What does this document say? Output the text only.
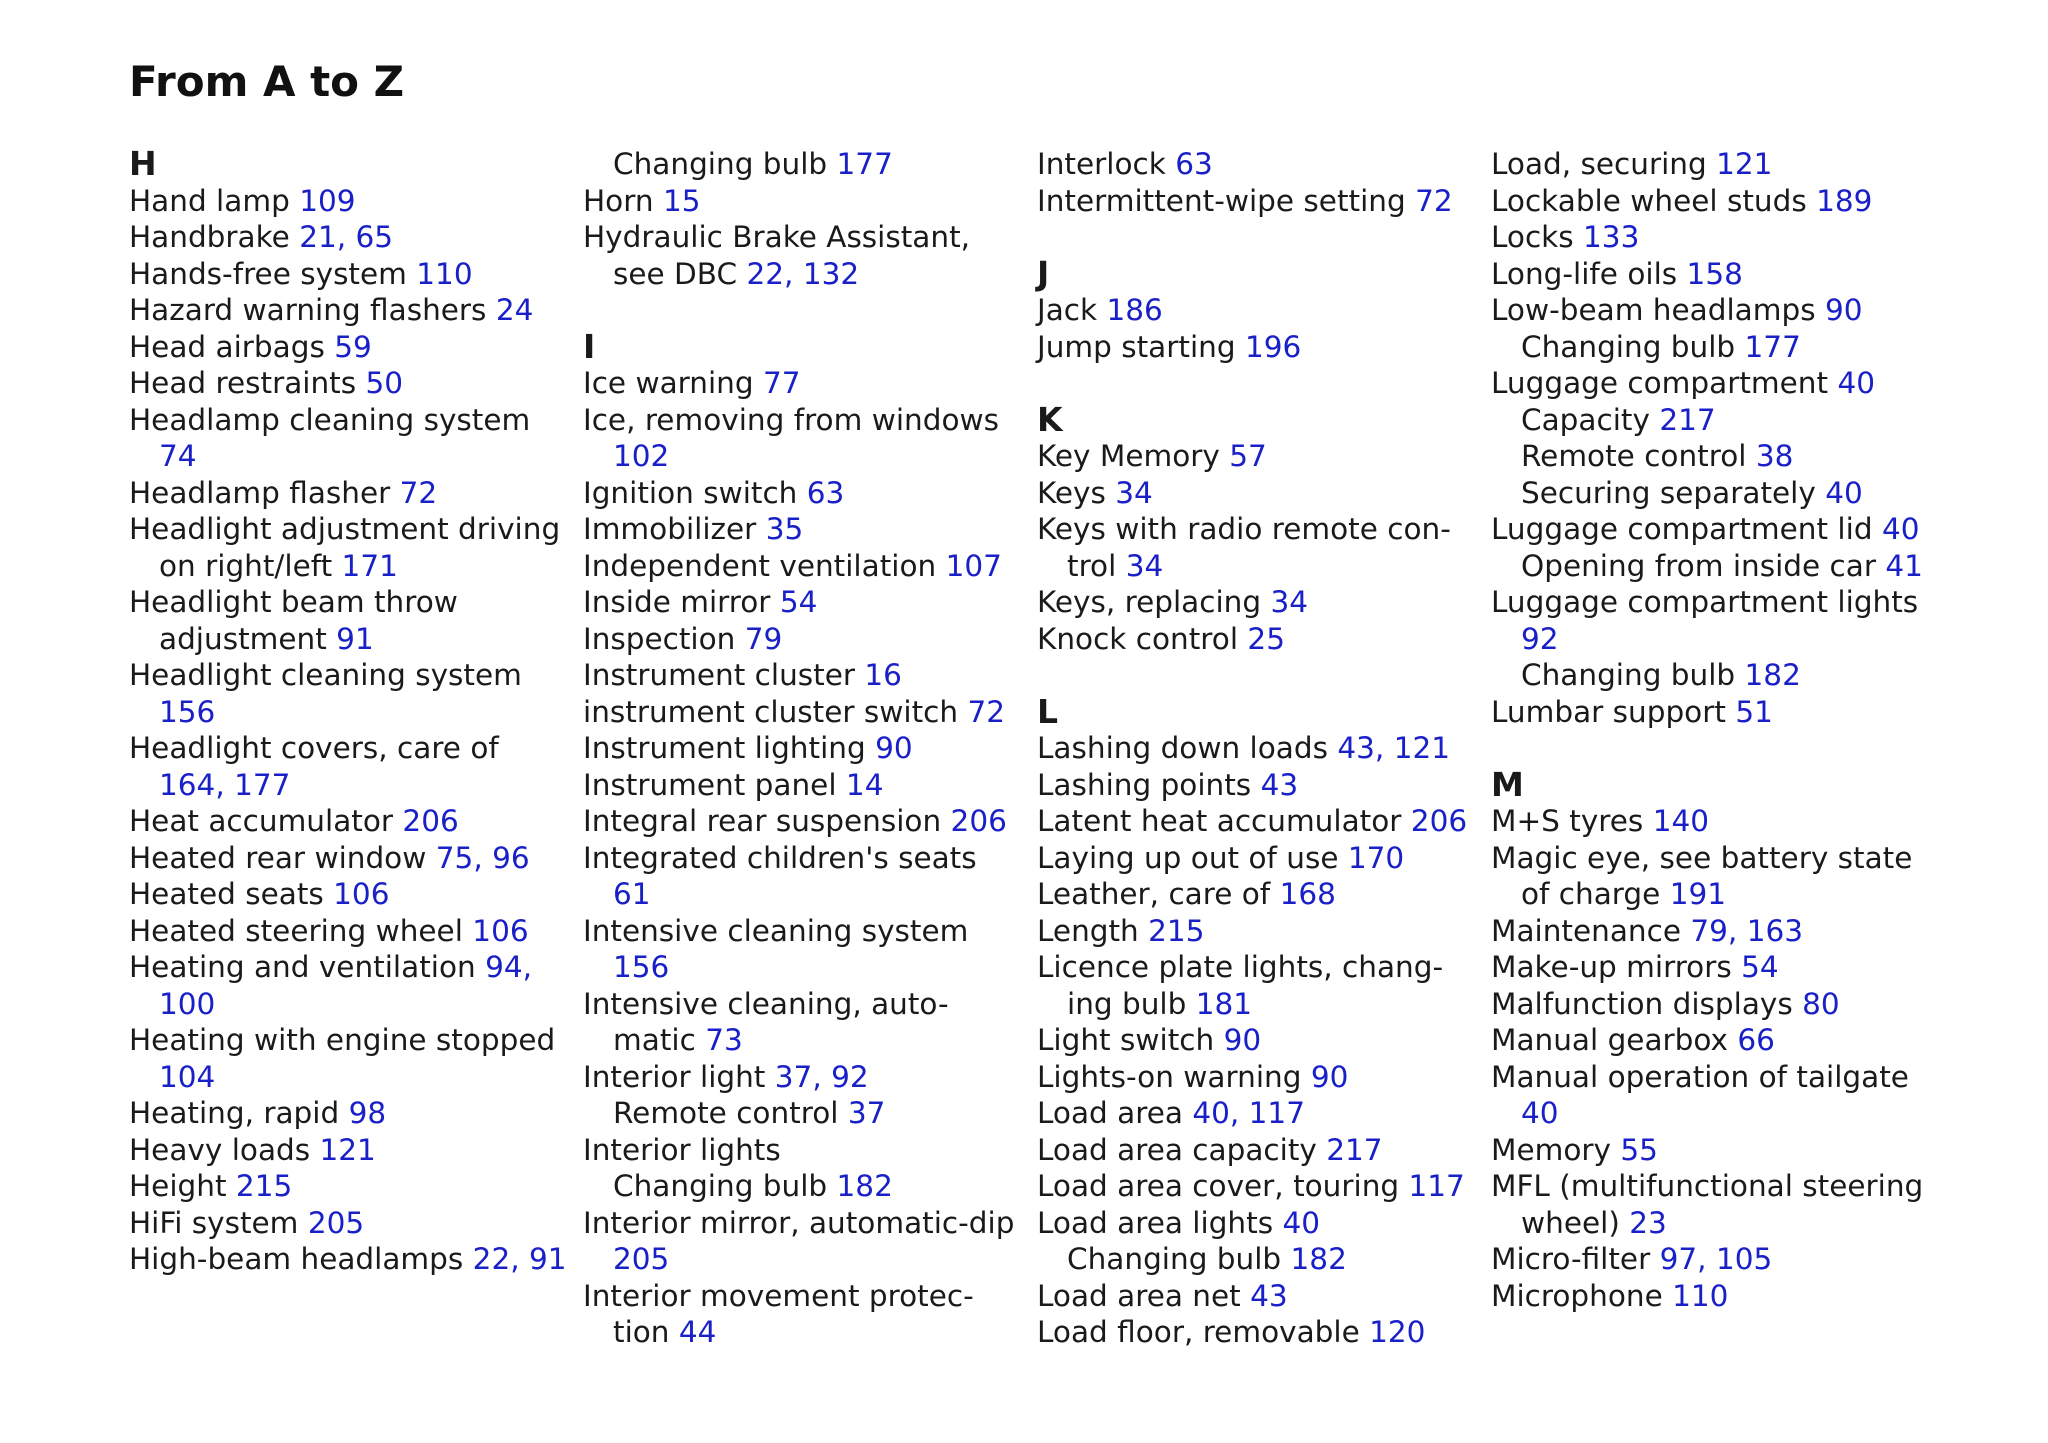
From A to Z
H
Hand lamp 109
Handbrake 21, 65
Hands-free system 110
Hazard warning flashers 24
Head airbags 59
Head restraints 50
Headlamp cleaning system 74
Headlamp flasher 72
Headlight adjustment driving on right/left 171
Headlight beam throw adjustment 91
Headlight cleaning system 156
Headlight covers, care of 164, 177
Heat accumulator 206
Heated rear window 75, 96
Heated seats 106
Heated steering wheel 106
Heating and ventilation 94, 100
Heating with engine stopped 104
Heating, rapid 98
Heavy loads 121
Height 215
HiFi system 205
High-beam headlamps 22, 91
Changing bulb 177
Horn 15
Hydraulic Brake Assistant, see DBC 22, 132
I
Ice warning 77
Ice, removing from windows 102
Ignition switch 63
Immobilizer 35
Independent ventilation 107
Inside mirror 54
Inspection 79
Instrument cluster 16
instrument cluster switch 72
Instrument lighting 90
Instrument panel 14
Integral rear suspension 206
Integrated children's seats 61
Intensive cleaning system 156
Intensive cleaning, auto-matic 73
Interior light 37, 92
Remote control 37
Interior lights
Changing bulb 182
Interior mirror, automatic-dip 205
Interior movement protec-tion 44
Interlock 63
Intermittent-wipe setting 72
J
Jack 186
Jump starting 196
K
Key Memory 57
Keys 34
Keys with radio remote con-trol 34
Keys, replacing 34
Knock control 25
L
Lashing down loads 43, 121
Lashing points 43
Latent heat accumulator 206
Laying up out of use 170
Leather, care of 168
Length 215
Licence plate lights, chang-ing bulb 181
Light switch 90
Lights-on warning 90
Load area 40, 117
Load area capacity 217
Load area cover, touring 117
Load area lights 40
Changing bulb 182
Load area net 43
Load floor, removable 120
Load, securing 121
Lockable wheel studs 189
Locks 133
Long-life oils 158
Low-beam headlamps 90
Changing bulb 177
Luggage compartment 40
Capacity 217
Remote control 38
Securing separately 40
Luggage compartment lid 40
Opening from inside car 41
Luggage compartment lights 92
Changing bulb 182
Lumbar support 51
M
M+S tyres 140
Magic eye, see battery state of charge 191
Maintenance 79, 163
Make-up mirrors 54
Malfunction displays 80
Manual gearbox 66
Manual operation of tailgate 40
Memory 55
MFL (multifunctional steering wheel) 23
Micro-filter 97, 105
Microphone 110
